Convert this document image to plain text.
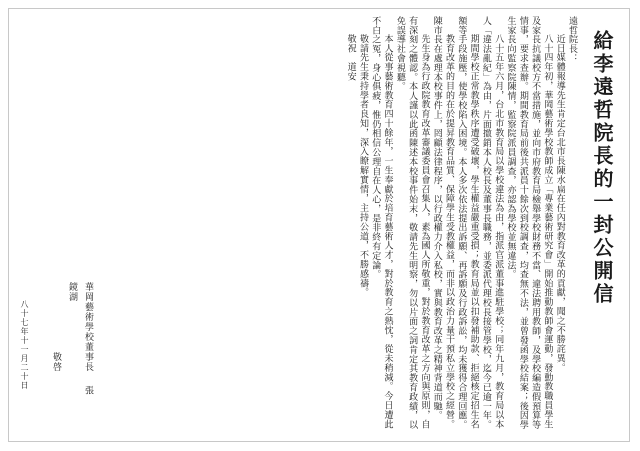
給李遠哲院長的一封公開信

遠哲院長：

近日媒體報導先生肯定台北市長陳水扁在任內對教育改革的貢獻，聞之不勝詫異。

八十四年初，華岡藝術學校教師成立「專業藝術研究會」開始推動教師會運動，發動教職員學生及家長抗議校方不當措施，並向市府教育局檢舉學校財務不當、違法聘用教師，及學校編造假預算等情事，要求查辦。期間教育局前後共派員十餘次到校調查，均查無不法，並曾發函學校結案；後因學生家長向監察院陳情，監察院派員調查，亦認為學校並無違法。

八十五年六月，台北市教育局以學校違法為由，指派官派董事進駐學校；同年九月，教育局以本人「違法亂紀」為由，片面撤銷本人校長及董事長職務，並委派代理校長接管學校，迄今已逾一年。

期間學校正常教學秩序遭受破壞，學生權益嚴重受損；教育局並以扣發補助款、拒絕核定招生名額等手段施壓，使學校陷入困境。本人多次依法提出訴願、再訴願及行政訴訟，均未獲得合理回應。

教育改革的目的在於提昇教育品質、保障學生受教權益，而非以政治力量干預私立學校之經營。陳市長在處理本校事件上，罔顧法律程序，以行政權力介入私校，實與教育改革之精神背道而馳。

先生身為行政院教育改革審議委員會召集人，素為國人所敬重，對於教育改革之方向與原則，自有深刻之體認。本人謹以此函陳述本校事件始末，敬請先生明察，勿以片面之詞肯定其教育政績，以免誤導社會視聽。

本人從事藝術教育四十餘年，一生奉獻於培育藝術人才，對於教育之熱忱，從未稍減。今日遭此不白之冤，身心俱疲，惟仍相信公理自在人心，是非終有定論。

敬請先生秉持學者良知，深入瞭解實情，主持公道，不勝感禱。

敬祝　道安

華岡藝術學校董事長張鏡湖
敬啓
八十七年十一月二十日
